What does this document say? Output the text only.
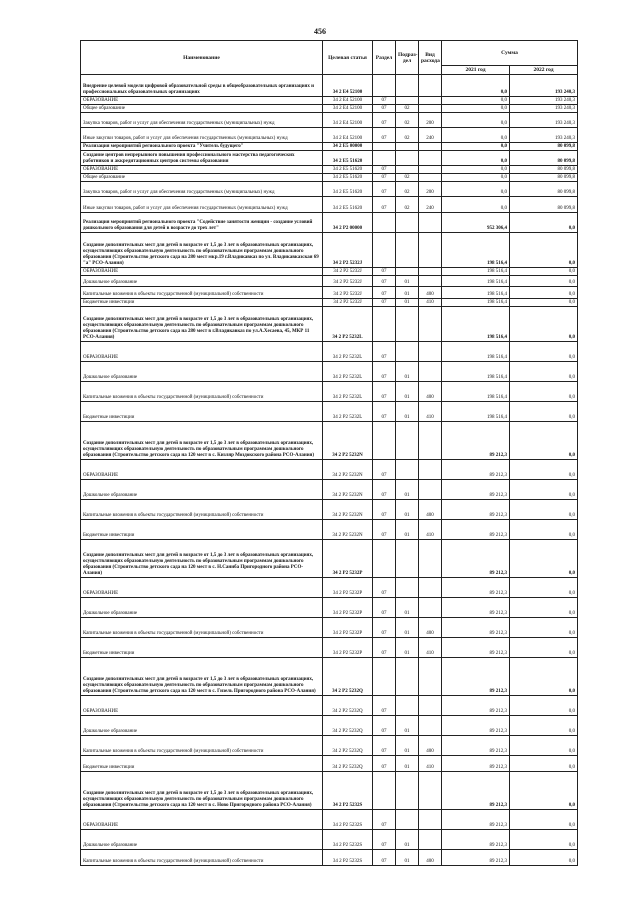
456
Наименование	Целевая статья	Раздел	Подраз-дел	Вид расхода	Сумма	
					2021 год	2022 год
Внедрение целевой модели цифровой образовательной среды в общеобразовательных организациях и профессиональных образовательных организациях	34 2 E4 52100				0,0	193 240,3
ОБРАЗОВАНИЕ	34 2 E4 52100	07			0,0	193 240,3
Общее образование	34 2 E4 52100	07	02		0,0	193 240,3
Закупка товаров, работ и услуг для обеспечения государственных (муниципальных) нужд	34 2 E4 52100	07	02	200	0,0	193 240,3
Иные закупки товаров, работ и услуг для обеспечения государственных (муниципальных) нужд	34 2 E4 52100	07	02	240	0,0	193 240,3
Реализация мероприятий регионального проекта "Учитель будущего"	34 2 E5 00000				0,0	80 099,8
Создание центров непрерывного повышения профессионального мастерства педагогических работников и аккредитационных центров системы образования	34 2 E5 51620				0,0	80 099,8
ОБРАЗОВАНИЕ	34 2 E5 51620	07			0,0	80 099,8
Общее образование	34 2 E5 51620	07	02		0,0	80 099,8
Закупка товаров, работ и услуг для обеспечения государственных (муниципальных) нужд	34 2 E5 51620	07	02	200	0,0	80 099,8
Иные закупки товаров, работ и услуг для обеспечения государственных (муниципальных) нужд	34 2 E5 51620	07	02	240	0,0	80 099,8
Реализация мероприятий регионального проекта "Содействие занятости женщин - создание условий дошкольного образования для детей в возрасте до трех лет"	34 2 P2 00000				952 306,4	0,0
Создание дополнительных мест для детей в возрасте от 1,5 до 3 лет в образовательных организациях, осуществляющих образовательную деятельность по образовательным программам дошкольного образования (Строительство детского сада на 280 мест мкр.19 г.Владикавказ по ул. Владикавказская 69 "а" РСО-Алания)	34 2 P2 5232J				198 516,4	0,0
ОБРАЗОВАНИЕ	34 2 P2 5232J	07			198 516,4	0,0
Дошкольное образование	34 2 P2 5232J	07	01		198 516,4	0,0
Капитальные вложения в объекты государственной (муниципальной) собственности	34 2 P2 5232J	07	01	400	198 516,4	0,0
Бюджетные инвестиции	34 2 P2 5232J	07	01	410	198 516,4	0,0
Создание дополнительных мест для детей в возрасте от 1,5 до 3 лет в образовательных организациях, осуществляющих образовательную деятельность по образовательным программам дошкольного образования (Строительство детского сада на 280 мест в г.Владикавказ по ул.А.Хесаева, 45, МКР 11 РСО-Алания)	34 2 P2 5232L				198 516,4	0,0
ОБРАЗОВАНИЕ	34 2 P2 5232L	07			198 516,4	0,0
Дошкольное образование	34 2 P2 5232L	07	01		198 516,4	0,0
Капитальные вложения в объекты государственной (муниципальной) собственности	34 2 P2 5232L	07	01	400	198 516,4	0,0
Бюджетные инвестиции	34 2 P2 5232L	07	01	410	198 516,4	0,0
Создание дополнительных мест для детей в возрасте от 1,5 до 3 лет в образовательных организациях, осуществляющих образовательную деятельность по образовательным программам дошкольного образования (Строительство детского сада на 120 мест в с. Кизляр Моздокского района РСО-Алания)	34 2 P2 5232N				89 212,3	0,0
ОБРАЗОВАНИЕ	34 2 P2 5232N	07			89 212,3	0,0
Дошкольное образование	34 2 P2 5232N	07	01		89 212,3	0,0
Капитальные вложения в объекты государственной (муниципальной) собственности	34 2 P2 5232N	07	01	400	89 212,3	0,0
Бюджетные инвестиции	34 2 P2 5232N	07	01	410	89 212,3	0,0
Создание дополнительных мест для детей в возрасте от 1,5 до 3 лет в образовательных организациях, осуществляющих образовательную деятельность по образовательным программам дошкольного образования (Строительство детского сада на 120 мест в с. Н.Саниба Пригородного района РСО-Алания)	34 2 P2 5232P				89 212,3	0,0
ОБРАЗОВАНИЕ	34 2 P2 5232P	07			89 212,3	0,0
Дошкольное образование	34 2 P2 5232P	07	01		89 212,3	0,0
Капитальные вложения в объекты государственной (муниципальной) собственности	34 2 P2 5232P	07	01	400	89 212,3	0,0
Бюджетные инвестиции	34 2 P2 5232P	07	01	410	89 212,3	0,0
Создание дополнительных мест для детей в возрасте от 1,5 до 3 лет в образовательных организациях, осуществляющих образовательную деятельность по образовательным программам дошкольного образования (Строительство детского сада на 120 мест в с. Гизель Пригородного района РСО-Алания)	34 2 P2 5232Q				89 212,3	0,0
ОБРАЗОВАНИЕ	34 2 P2 5232Q	07			89 212,3	0,0
Дошкольное образование	34 2 P2 5232Q	07	01		89 212,3	0,0
Капитальные вложения в объекты государственной (муниципальной) собственности	34 2 P2 5232Q	07	01	400	89 212,3	0,0
Бюджетные инвестиции	34 2 P2 5232Q	07	01	410	89 212,3	0,0
Создание дополнительных мест для детей в возрасте от 1,5 до 3 лет в образовательных организациях, осуществляющих образовательную деятельность по образовательным программам дошкольного образования (Строительство детского сада на 120 мест в с. Ново Пригородного района РСО-Алания)	34 2 P2 5232S				89 212,3	0,0
ОБРАЗОВАНИЕ	34 2 P2 5232S	07			89 212,3	0,0
Дошкольное образование	34 2 P2 5232S	07	01		89 212,3	0,0
Капитальные вложения в объекты государственной (муниципальной) собственности	34 2 P2 5232S	07	01	400	89 212,3	0,0
